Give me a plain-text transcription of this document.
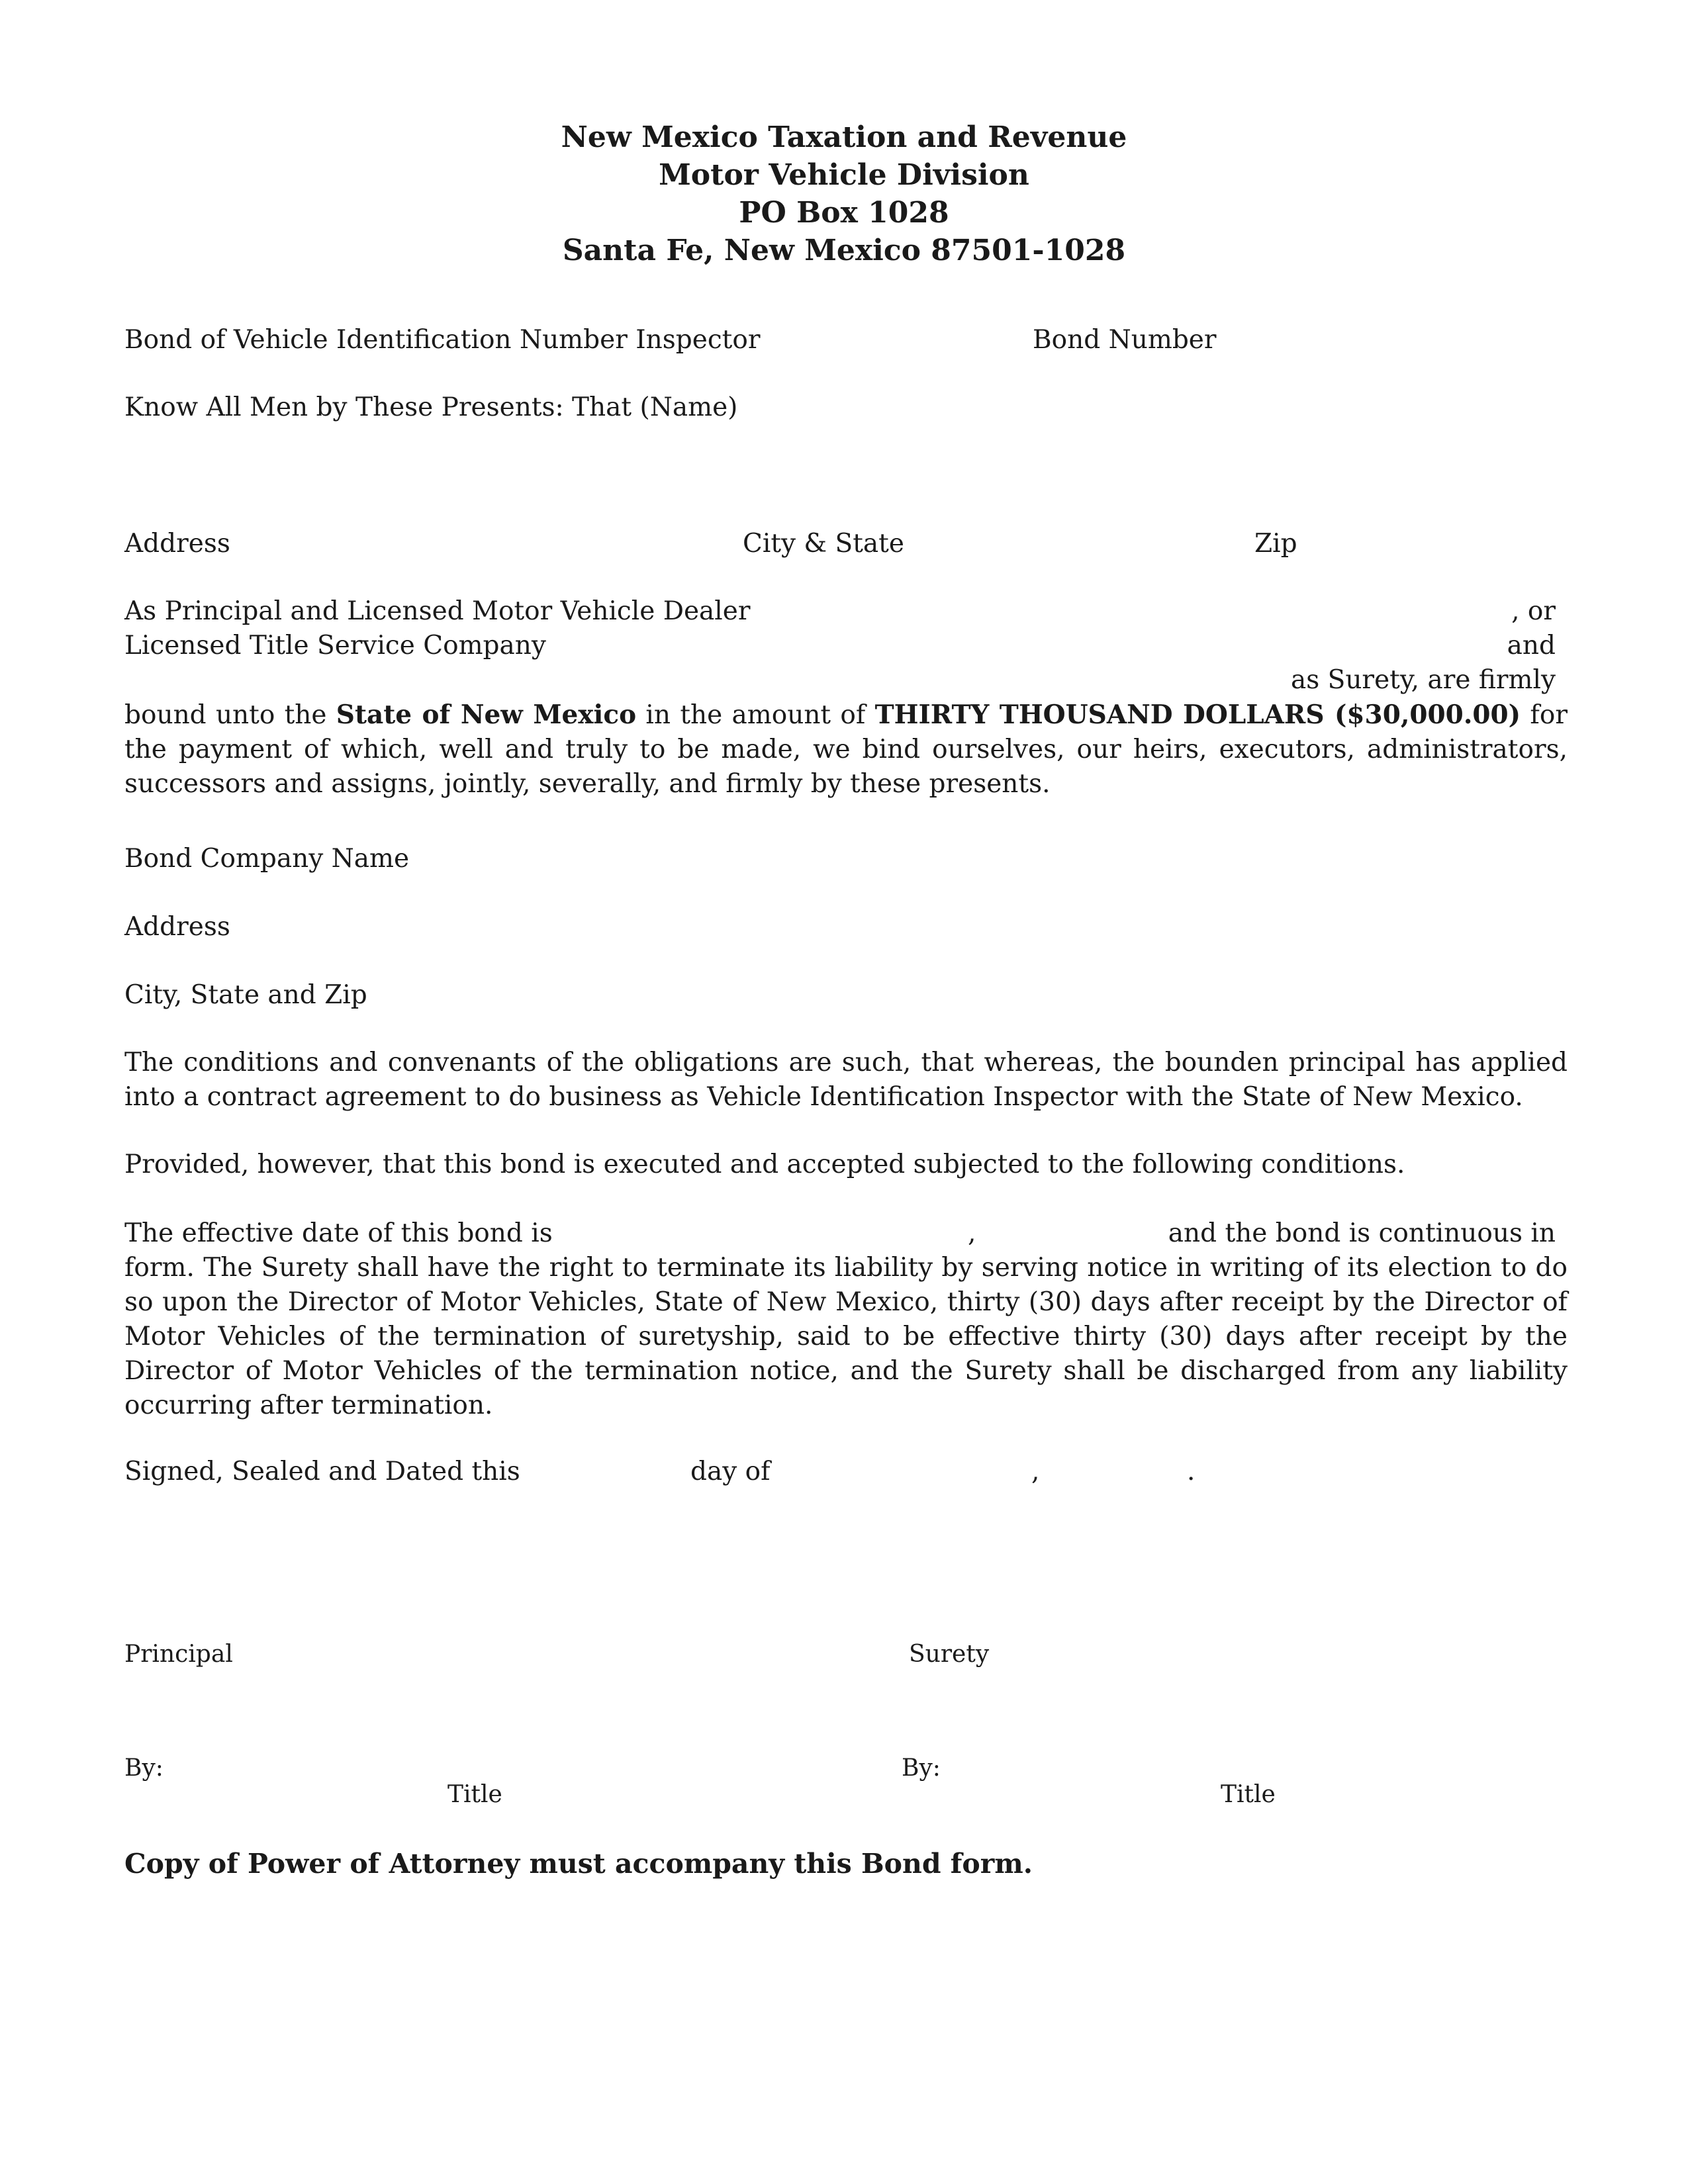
New Mexico Taxation and Revenue
Motor Vehicle Division
PO Box 1028
Santa Fe, New Mexico 87501-1028
Bond of Vehicle Identification Number Inspector	Bond Number
Know All Men by These Presents: That (Name)
Address	City & State	Zip
As Principal and Licensed Motor Vehicle Dealer	, or
Licensed Title Service Company	and
as Surety, are firmly
bound unto the State of New Mexico in the amount of THIRTY THOUSAND DOLLARS ($30,000.00) for the payment of which, well and truly to be made, we bind ourselves, our heirs, executors, administrators, successors and assigns, jointly, severally, and firmly by these presents.
Bond Company Name
Address
City, State and Zip
The conditions and convenants of the obligations are such, that whereas, the bounden principal has applied into a contract agreement to do business as Vehicle Identification Inspector with the State of New Mexico.
Provided, however, that this bond is executed and accepted subjected to the following conditions.
The effective date of this bond is	,	and the bond is continuous in
form. The Surety shall have the right to terminate its liability by serving notice in writing of its election to do so upon the Director of Motor Vehicles, State of New Mexico, thirty (30) days after receipt by the Director of Motor Vehicles of the termination of suretyship, said to be effective thirty (30) days after receipt by the Director of Motor Vehicles of the termination notice, and the Surety shall be discharged from any liability occurring after termination.
Signed, Sealed and Dated this	day of	,	.
Principal	Surety
By:	By:
Title	Title
Copy of Power of Attorney must accompany this Bond form.
